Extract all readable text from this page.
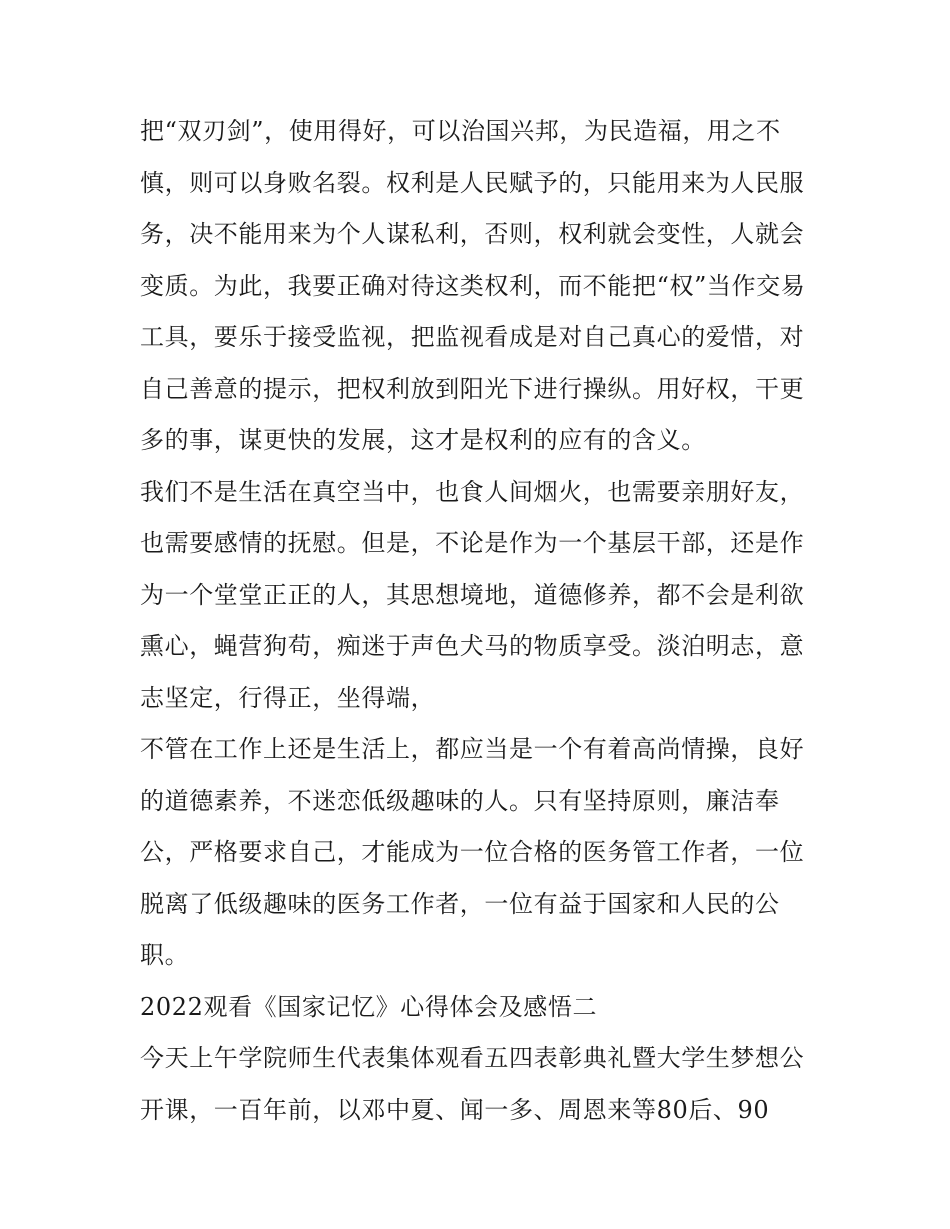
把“双刃剑”，使用得好，可以治国兴邦，为民造福，用之不
慎，则可以身败名裂。权利是人民赋予的，只能用来为人民服
务，决不能用来为个人谋私利，否则，权利就会变性，人就会
变质。为此，我要正确对待这类权利，而不能把“权”当作交易
工具，要乐于接受监视，把监视看成是对自己真心的爱惜，对
自己善意的提示，把权利放到阳光下进行操纵。用好权，干更
多的事，谋更快的发展，这才是权利的应有的含义。
我们不是生活在真空当中，也食人间烟火，也需要亲朋好友，
也需要感情的抚慰。但是，不论是作为一个基层干部，还是作
为一个堂堂正正的人，其思想境地，道德修养，都不会是利欲
熏心，蝇营狗苟，痴迷于声色犬马的物质享受。淡泊明志，意
志坚定，行得正，坐得端，
不管在工作上还是生活上，都应当是一个有着高尚情操，良好
的道德素养，不迷恋低级趣味的人。只有坚持原则，廉洁奉
公，严格要求自己，才能成为一位合格的医务管工作者，一位
脱离了低级趣味的医务工作者，一位有益于国家和人民的公
职。
2022观看《国家记忆》心得体会及感悟二
今天上午学院师生代表集体观看五四表彰典礼暨大学生梦想公
开课，一百年前，以邓中夏、闻一多、周恩来等80后、90
